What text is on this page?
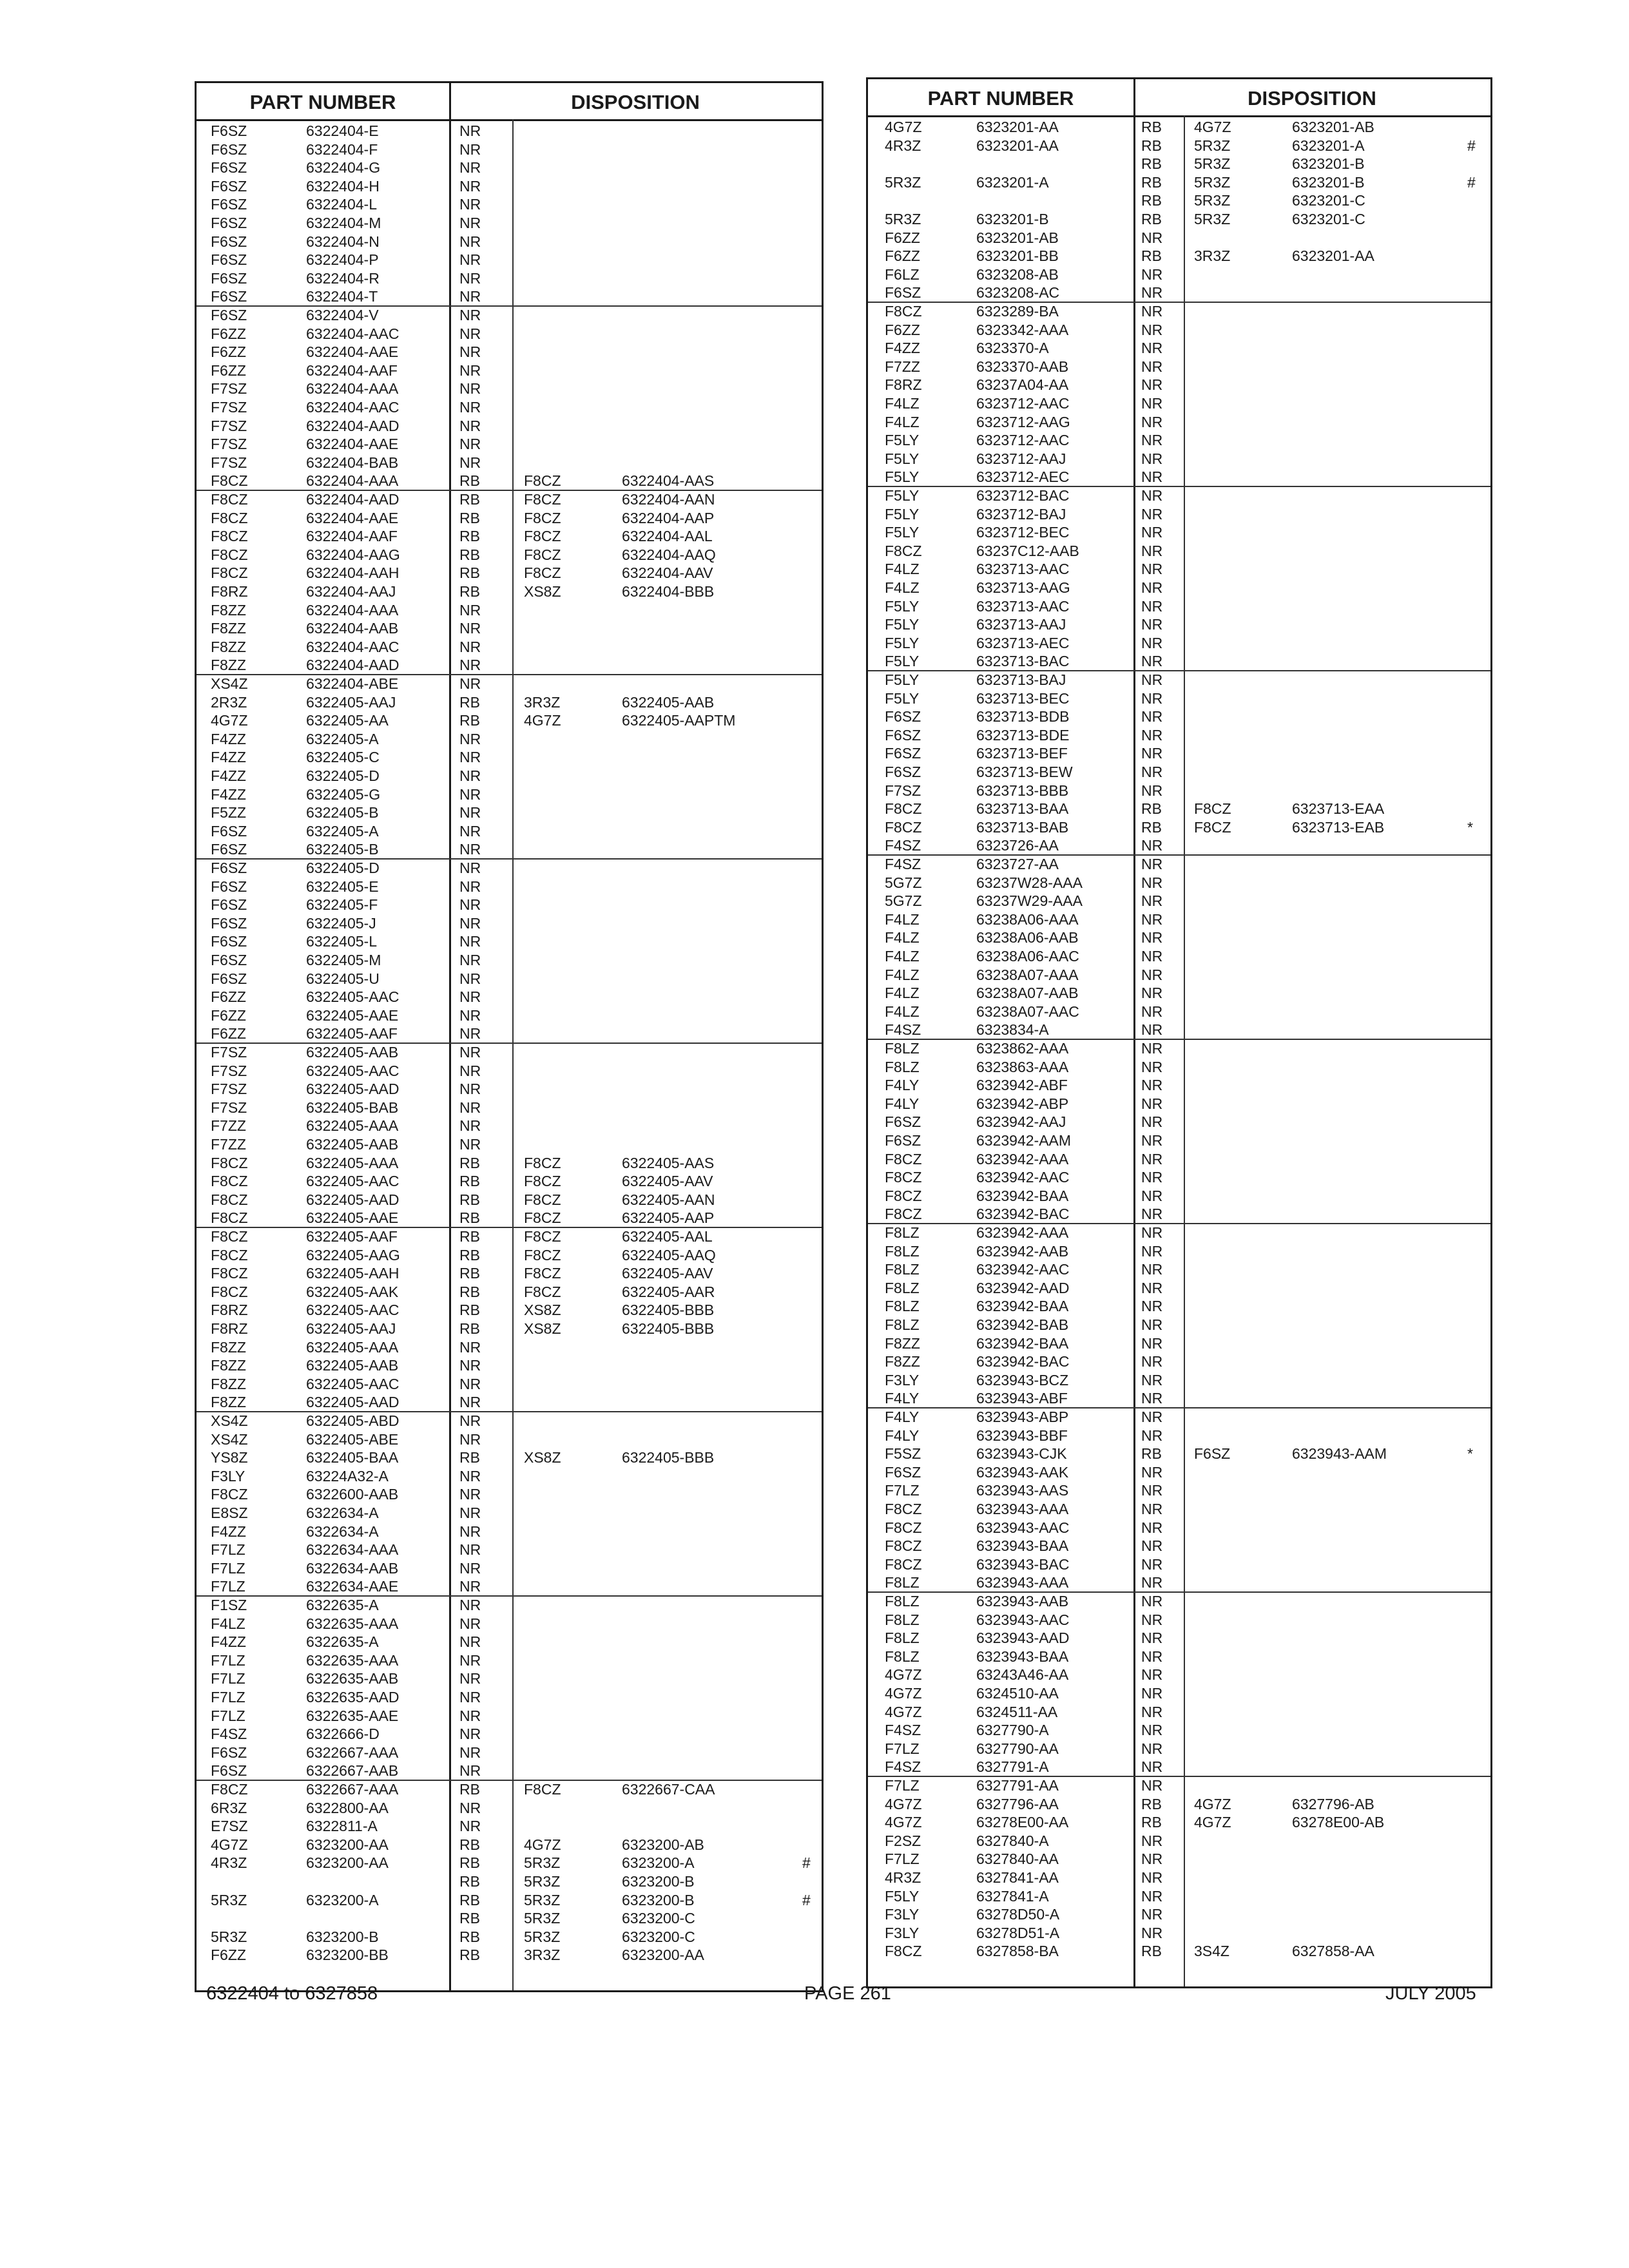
PART NUMBER	DISPOSITION
F6SZ	6322404-E	NR
F6SZ	6322404-F	NR
F6SZ	6322404-G	NR
F6SZ	6322404-H	NR
F6SZ	6322404-L	NR
F6SZ	6322404-M	NR
F6SZ	6322404-N	NR
F6SZ	6322404-P	NR
F6SZ	6322404-R	NR
F6SZ	6322404-T	NR
F6SZ	6322404-V	NR
F6ZZ	6322404-AAC	NR
F6ZZ	6322404-AAE	NR
F6ZZ	6322404-AAF	NR
F7SZ	6322404-AAA	NR
F7SZ	6322404-AAC	NR
F7SZ	6322404-AAD	NR
F7SZ	6322404-AAE	NR
F7SZ	6322404-BAB	NR
F8CZ	6322404-AAA	RB	F8CZ	6322404-AAS
F8CZ	6322404-AAD	RB	F8CZ	6322404-AAN
F8CZ	6322404-AAE	RB	F8CZ	6322404-AAP
F8CZ	6322404-AAF	RB	F8CZ	6322404-AAL
F8CZ	6322404-AAG	RB	F8CZ	6322404-AAQ
F8CZ	6322404-AAH	RB	F8CZ	6322404-AAV
F8RZ	6322404-AAJ	RB	XS8Z	6322404-BBB
F8ZZ	6322404-AAA	NR
F8ZZ	6322404-AAB	NR
F8ZZ	6322404-AAC	NR
F8ZZ	6322404-AAD	NR
XS4Z	6322404-ABE	NR
2R3Z	6322405-AAJ	RB	3R3Z	6322405-AAB
4G7Z	6322405-AA	RB	4G7Z	6322405-AAPTM
F4ZZ	6322405-A	NR
F4ZZ	6322405-C	NR
F4ZZ	6322405-D	NR
F4ZZ	6322405-G	NR
F5ZZ	6322405-B	NR
F6SZ	6322405-A	NR
F6SZ	6322405-B	NR
F6SZ	6322405-D	NR
F6SZ	6322405-E	NR
F6SZ	6322405-F	NR
F6SZ	6322405-J	NR
F6SZ	6322405-L	NR
F6SZ	6322405-M	NR
F6SZ	6322405-U	NR
F6ZZ	6322405-AAC	NR
F6ZZ	6322405-AAE	NR
F6ZZ	6322405-AAF	NR
F7SZ	6322405-AAB	NR
F7SZ	6322405-AAC	NR
F7SZ	6322405-AAD	NR
F7SZ	6322405-BAB	NR
F7ZZ	6322405-AAA	NR
F7ZZ	6322405-AAB	NR
F8CZ	6322405-AAA	RB	F8CZ	6322405-AAS
F8CZ	6322405-AAC	RB	F8CZ	6322405-AAV
F8CZ	6322405-AAD	RB	F8CZ	6322405-AAN
F8CZ	6322405-AAE	RB	F8CZ	6322405-AAP
F8CZ	6322405-AAF	RB	F8CZ	6322405-AAL
F8CZ	6322405-AAG	RB	F8CZ	6322405-AAQ
F8CZ	6322405-AAH	RB	F8CZ	6322405-AAV
F8CZ	6322405-AAK	RB	F8CZ	6322405-AAR
F8RZ	6322405-AAC	RB	XS8Z	6322405-BBB
F8RZ	6322405-AAJ	RB	XS8Z	6322405-BBB
F8ZZ	6322405-AAA	NR
F8ZZ	6322405-AAB	NR
F8ZZ	6322405-AAC	NR
F8ZZ	6322405-AAD	NR
XS4Z	6322405-ABD	NR
XS4Z	6322405-ABE	NR
YS8Z	6322405-BAA	RB	XS8Z	6322405-BBB
F3LY	63224A32-A	NR
F8CZ	6322600-AAB	NR
E8SZ	6322634-A	NR
F4ZZ	6322634-A	NR
F7LZ	6322634-AAA	NR
F7LZ	6322634-AAB	NR
F7LZ	6322634-AAE	NR
F1SZ	6322635-A	NR
F4LZ	6322635-AAA	NR
F4ZZ	6322635-A	NR
F7LZ	6322635-AAA	NR
F7LZ	6322635-AAB	NR
F7LZ	6322635-AAD	NR
F7LZ	6322635-AAE	NR
F4SZ	6322666-D	NR
F6SZ	6322667-AAA	NR
F6SZ	6322667-AAB	NR
F8CZ	6322667-AAA	RB	F8CZ	6322667-CAA
6R3Z	6322800-AA	NR
E7SZ	6322811-A	NR
4G7Z	6323200-AA	RB	4G7Z	6323200-AB
4R3Z	6323200-AA	RB	5R3Z	6323200-A	#
RB	5R3Z	6323200-B
5R3Z	6323200-A	RB	5R3Z	6323200-B	#
RB	5R3Z	6323200-C
5R3Z	6323200-B	RB	5R3Z	6323200-C
F6ZZ	6323200-BB	RB	3R3Z	6323200-AA
PART NUMBER	DISPOSITION
4G7Z	6323201-AA	RB 4G7Z	6323201-AB
4R3Z	6323201-AA	RB 5R3Z	6323201-A	#
RB 5R3Z	6323201-B
5R3Z	6323201-A	RB 5R3Z	6323201-B	#
RB 5R3Z	6323201-C
5R3Z	6323201-B	RB 5R3Z	6323201-C
F6ZZ	6323201-AB	NR
F6ZZ	6323201-BB	RB 3R3Z	6323201-AA
F6LZ	6323208-AB	NR
F6SZ	6323208-AC	NR
F8CZ	6323289-BA	NR
F6ZZ	6323342-AAA	NR
F4ZZ	6323370-A	NR
F7ZZ	6323370-AAB	NR
F8RZ	63237A04-AA	NR
F4LZ	6323712-AAC	NR
F4LZ	6323712-AAG	NR
F5LY	6323712-AAC	NR
F5LY	6323712-AAJ	NR
F5LY	6323712-AEC	NR
F5LY	6323712-BAC	NR
F5LY	6323712-BAJ	NR
F5LY	6323712-BEC	NR
F8CZ	63237C12-AAB	NR
F4LZ	6323713-AAC	NR
F4LZ	6323713-AAG	NR
F5LY	6323713-AAC	NR
F5LY	6323713-AAJ	NR
F5LY	6323713-AEC	NR
F5LY	6323713-BAC	NR
F5LY	6323713-BAJ	NR
F5LY	6323713-BEC	NR
F6SZ	6323713-BDB	NR
F6SZ	6323713-BDE	NR
F6SZ	6323713-BEF	NR
F6SZ	6323713-BEW	NR
F7SZ	6323713-BBB	NR
F8CZ	6323713-BAA	RB F8CZ	6323713-EAA
F8CZ	6323713-BAB	RB F8CZ	6323713-EAB	*
F4SZ	6323726-AA	NR
F4SZ	6323727-AA	NR
5G7Z	63237W28-AAA	NR
5G7Z	63237W29-AAA	NR
F4LZ	63238A06-AAA	NR
F4LZ	63238A06-AAB	NR
F4LZ	63238A06-AAC	NR
F4LZ	63238A07-AAA	NR
F4LZ	63238A07-AAB	NR
F4LZ	63238A07-AAC	NR
F4SZ	6323834-A	NR
F8LZ	6323862-AAA	NR
F8LZ	6323863-AAA	NR
F4LY	6323942-ABF	NR
F4LY	6323942-ABP	NR
F6SZ	6323942-AAJ	NR
F6SZ	6323942-AAM	NR
F8CZ	6323942-AAA	NR
F8CZ	6323942-AAC	NR
F8CZ	6323942-BAA	NR
F8CZ	6323942-BAC	NR
F8LZ	6323942-AAA	NR
F8LZ	6323942-AAB	NR
F8LZ	6323942-AAC	NR
F8LZ	6323942-AAD	NR
F8LZ	6323942-BAA	NR
F8LZ	6323942-BAB	NR
F8ZZ	6323942-BAA	NR
F8ZZ	6323942-BAC	NR
F3LY	6323943-BCZ	NR
F4LY	6323943-ABF	NR
F4LY	6323943-ABP	NR
F4LY	6323943-BBF	NR
F5SZ	6323943-CJK	RB F6SZ	6323943-AAM	*
F6SZ	6323943-AAK	NR
F7LZ	6323943-AAS	NR
F8CZ	6323943-AAA	NR
F8CZ	6323943-AAC	NR
F8CZ	6323943-BAA	NR
F8CZ	6323943-BAC	NR
F8LZ	6323943-AAA	NR
F8LZ	6323943-AAB	NR
F8LZ	6323943-AAC	NR
F8LZ	6323943-AAD	NR
F8LZ	6323943-BAA	NR
4G7Z	63243A46-AA	NR
4G7Z	6324510-AA	NR
4G7Z	6324511-AA	NR
F4SZ	6327790-A	NR
F7LZ	6327790-AA	NR
F4SZ	6327791-A	NR
F7LZ	6327791-AA	NR
4G7Z	6327796-AA	RB 4G7Z	6327796-AB
4G7Z	63278E00-AA	RB 4G7Z	63278E00-AB
F2SZ	6327840-A	NR
F7LZ	6327840-AA	NR
4R3Z	6327841-AA	NR
F5LY	6327841-A	NR
F3LY	63278D50-A	NR
F3LY	63278D51-A	NR
F8CZ	6327858-BA	RB 3S4Z	6327858-AA
6322404 to 6327858	PAGE 261	JULY 2005
